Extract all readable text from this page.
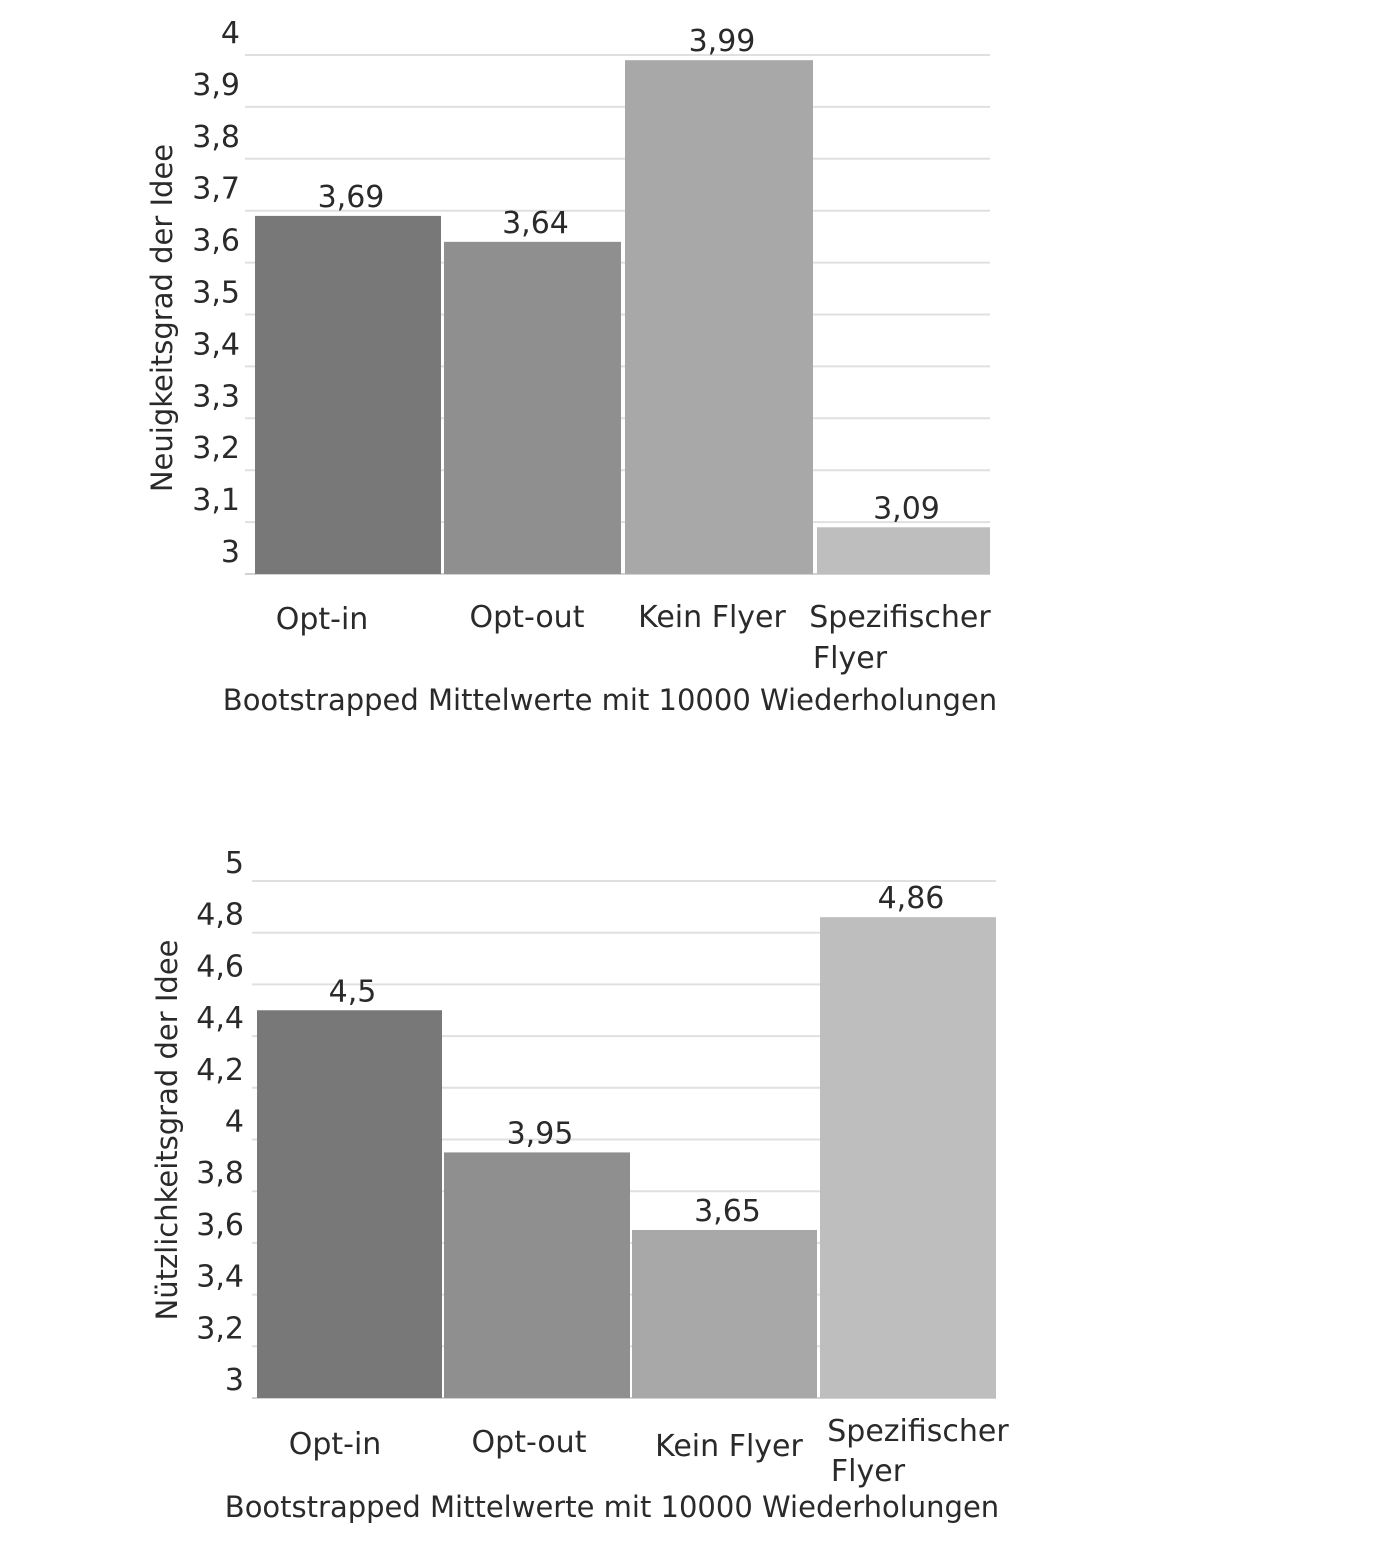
3
3,1
3,2
3,3
3,4
3,5
3,6
3,7
3,8
3,9
4
3,69
3,64
3,99
3,09
Opt-in	Opt-out Kein Flyer Spezifischer Flyer
Bootstrapped Mittelwerte mit 10000 Wiederholungen
Neuigkeitsgrad der Idee
3
3,2
3,4
3,6
3,8
4
4,2
4,4
4,6
4,8
5
4,5
3,95
3,65
4,86
Opt-in	Opt-out Kein Flyer Spezifischer Flyer
Bootstrapped Mittelwerte mit 10000 Wiederholungen
Nützlichkeitsgrad der Idee
